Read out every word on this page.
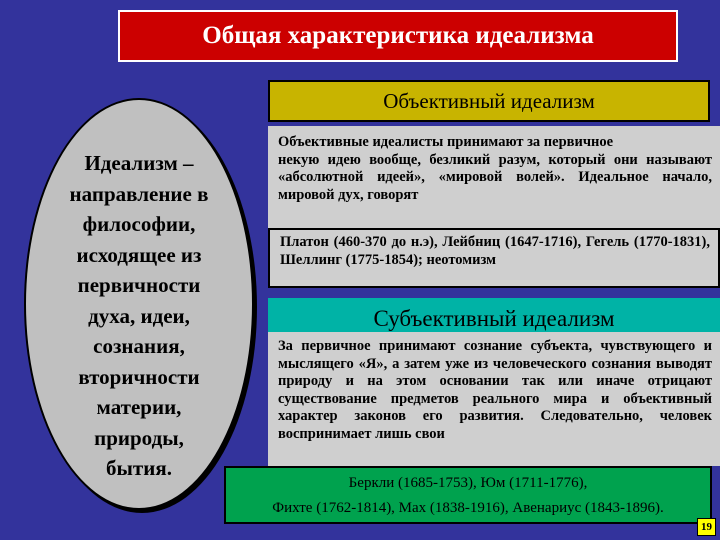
Общая характеристика идеализма
Идеализм –
направление в
философии,
исходящее из
первичности
духа, идеи,
сознания,
вторичности
материи,
природы,
бытия.
Объективный идеализм
Объективные идеалисты принимают за первичное
некую идею вообще, безликий разум, который они называют «абсолютной идеей», «мировой волей». Идеальное начало, мировой дух, говорят
Платон (460-370 до н.э), Лейбниц (1647-1716), Гегель (1770-1831), Шеллинг (1775-1854); неотомизм
Субъективный идеализм
За первичное принимают сознание субъекта, чувствующего и мыслящего «Я», а затем уже из человеческого сознания выводят природу и на этом основании так или иначе отрицают существование предметов реального мира и объективный характер законов его развития. Следовательно, человек воспринимает лишь свои
Беркли (1685-1753), Юм (1711-1776),
Фихте (1762-1814), Мах (1838-1916), Авенариус (1843-1896).
19
